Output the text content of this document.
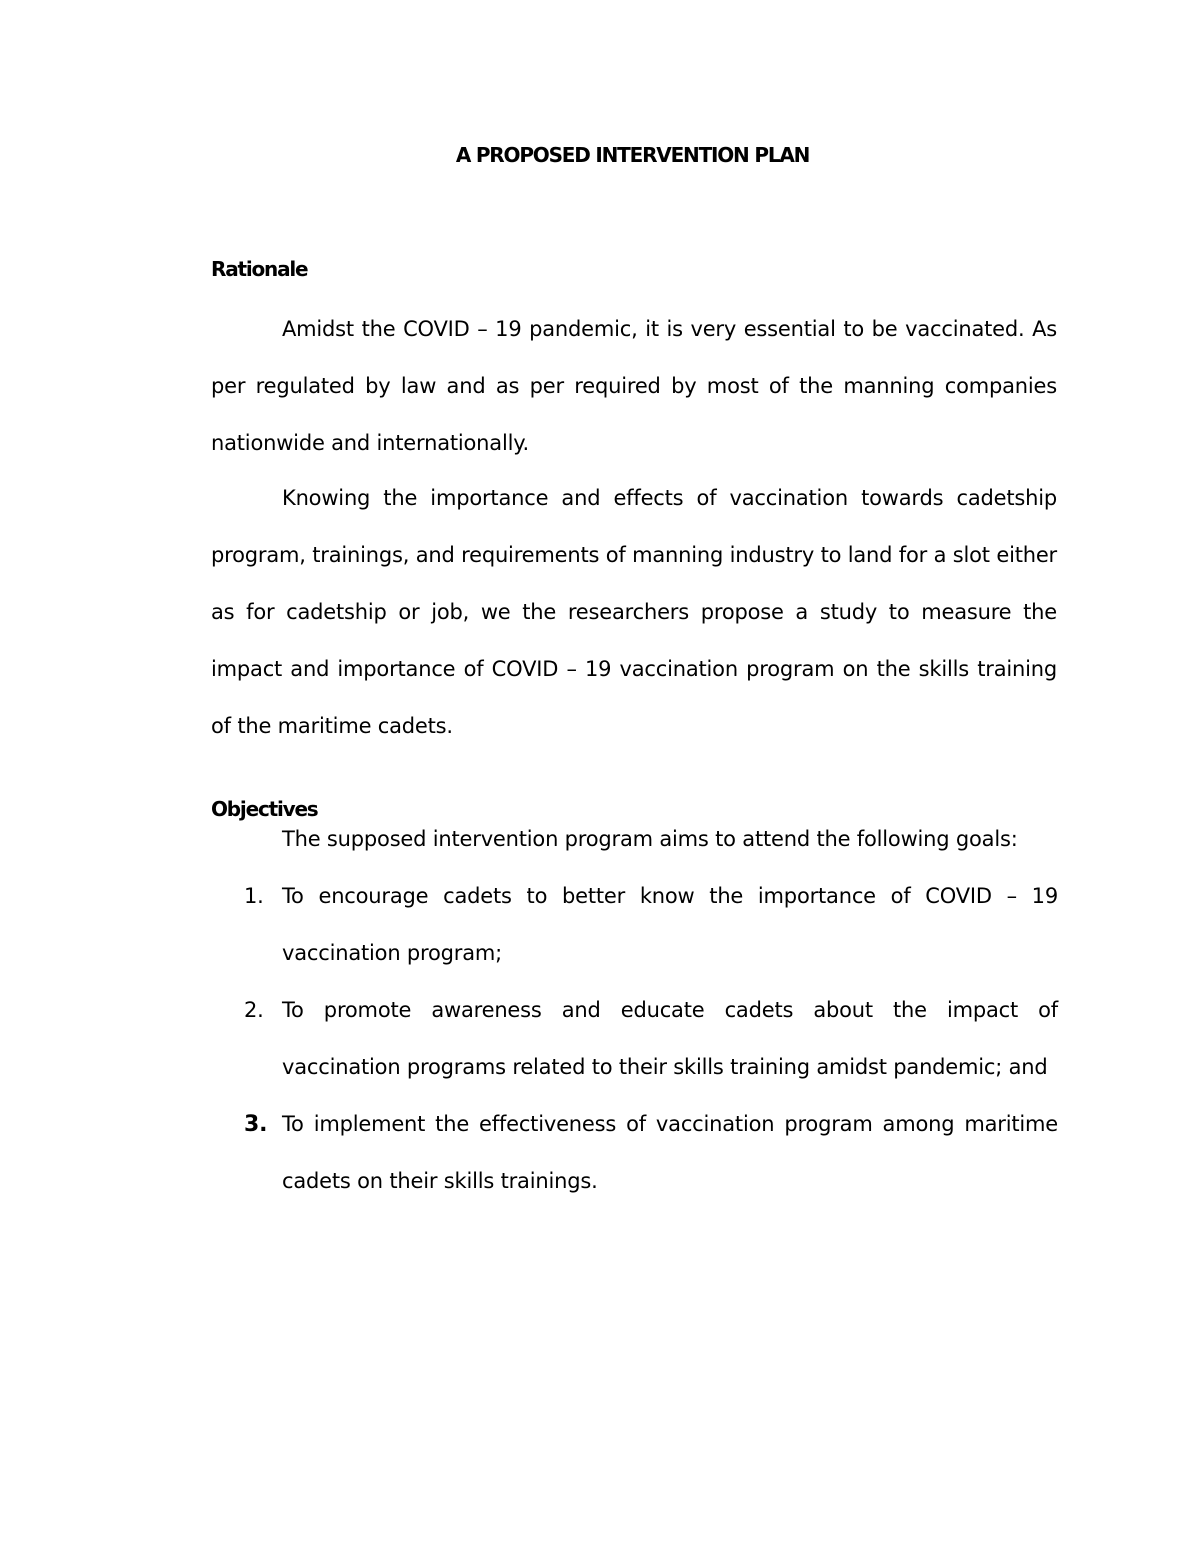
A PROPOSED INTERVENTION PLAN
Rationale

Amidst the COVID – 19 pandemic, it is very essential to be vaccinated. As per regulated by law and as per required by most of the manning companies nationwide and internationally.

Knowing the importance and effects of vaccination towards cadetship program, trainings, and requirements of manning industry to land for a slot either as for cadetship or job, we the researchers propose a study to measure the impact and importance of COVID – 19 vaccination program on the skills training of the maritime cadets.

Objectives

The supposed intervention program aims to attend the following goals:

1. To encourage cadets to better know the importance of COVID – 19 vaccination program;
2. To promote awareness and educate cadets about the impact of vaccination programs related to their skills training amidst pandemic; and
3. To implement the effectiveness of vaccination program among maritime cadets on their skills trainings.
